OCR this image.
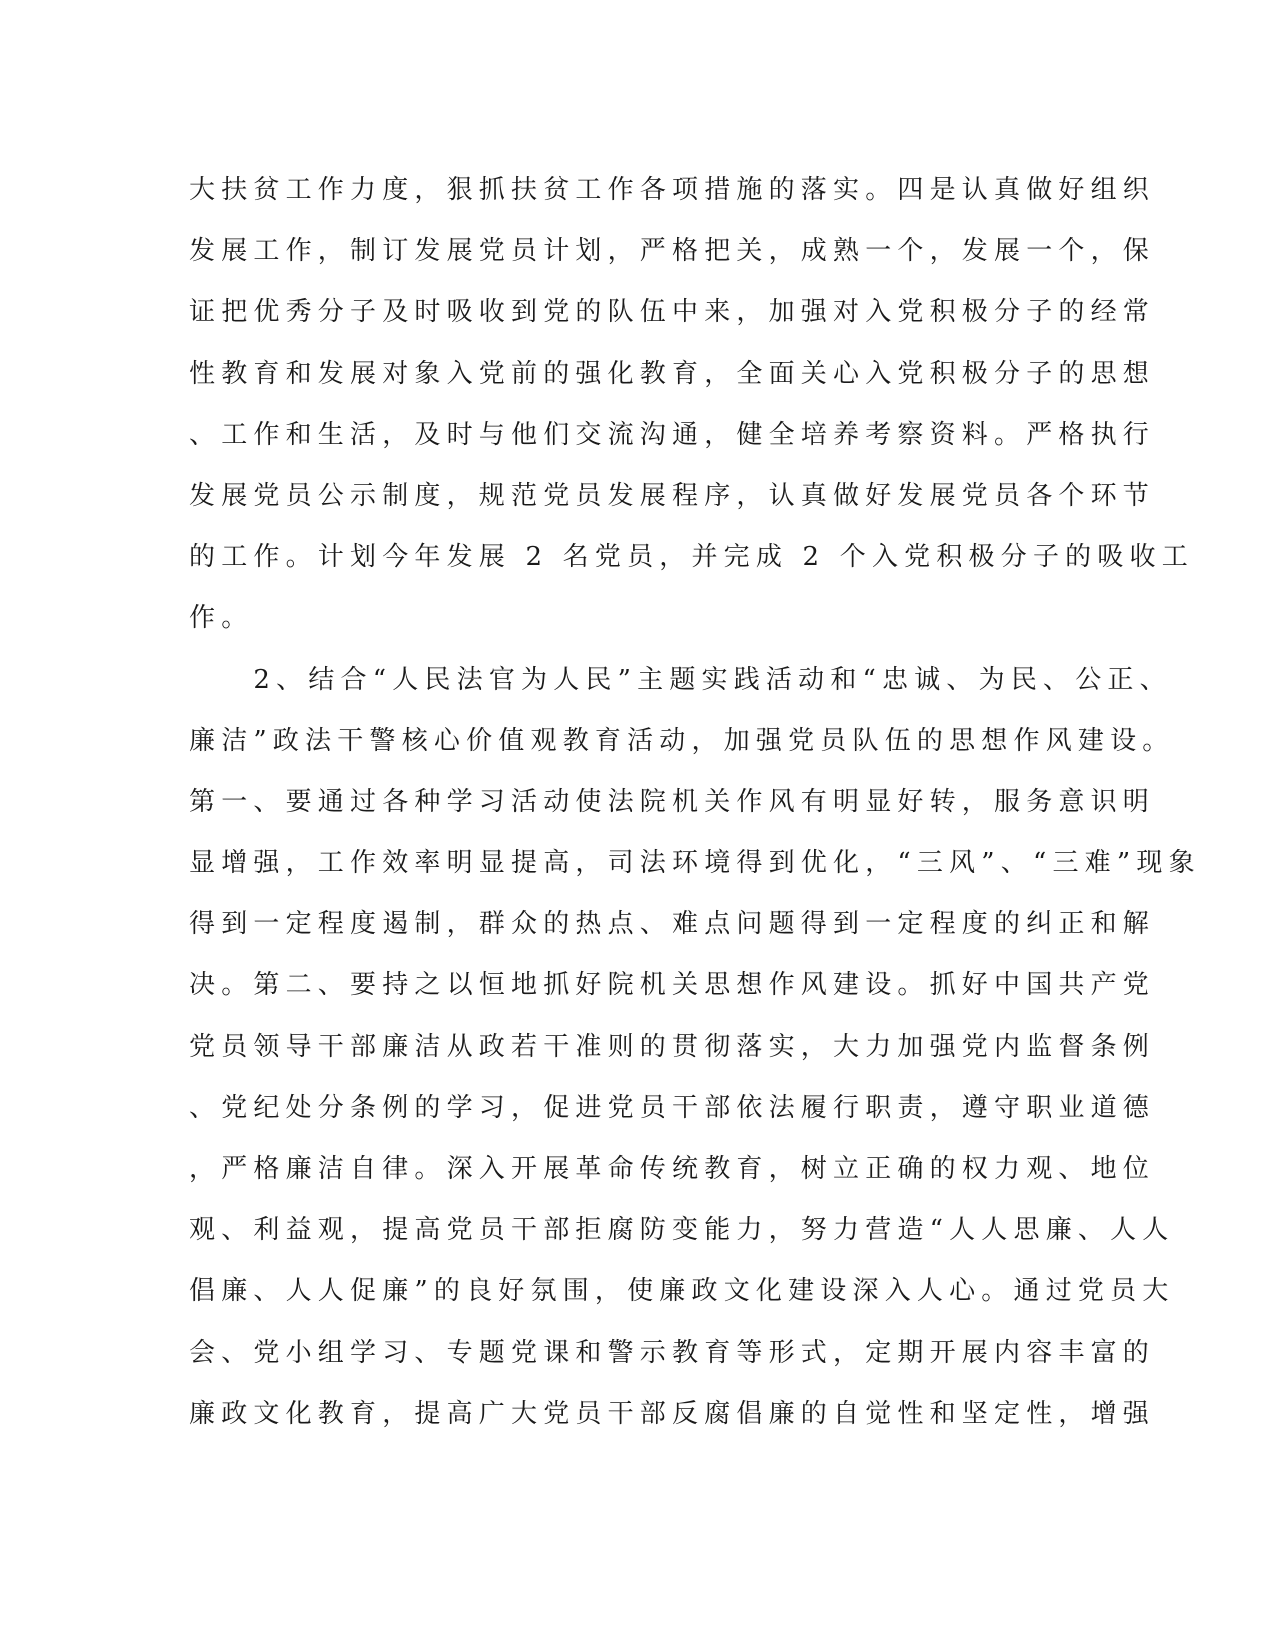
大扶贫工作力度，狠抓扶贫工作各项措施的落实。四是认真做好组织
发展工作，制订发展党员计划，严格把关，成熟一个，发展一个，保
证把优秀分子及时吸收到党的队伍中来，加强对入党积极分子的经常
性教育和发展对象入党前的强化教育，全面关心入党积极分子的思想
、工作和生活，及时与他们交流沟通，健全培养考察资料。严格执行
发展党员公示制度，规范党员发展程序，认真做好发展党员各个环节
的工作。计划今年发展 2 名党员，并完成 2 个入党积极分子的吸收工
作。
　　2、结合“人民法官为人民”主题实践活动和“忠诚、为民、公正、
廉洁”政法干警核心价值观教育活动，加强党员队伍的思想作风建设。
第一、要通过各种学习活动使法院机关作风有明显好转，服务意识明
显增强，工作效率明显提高，司法环境得到优化，“三风”、“三难”现象
得到一定程度遏制，群众的热点、难点问题得到一定程度的纠正和解
决。第二、要持之以恒地抓好院机关思想作风建设。抓好中国共产党
党员领导干部廉洁从政若干准则的贯彻落实，大力加强党内监督条例
、党纪处分条例的学习，促进党员干部依法履行职责，遵守职业道德
，严格廉洁自律。深入开展革命传统教育，树立正确的权力观、地位
观、利益观，提高党员干部拒腐防变能力，努力营造“人人思廉、人人
倡廉、人人促廉”的良好氛围，使廉政文化建设深入人心。通过党员大
会、党小组学习、专题党课和警示教育等形式，定期开展内容丰富的
廉政文化教育，提高广大党员干部反腐倡廉的自觉性和坚定性，增强
